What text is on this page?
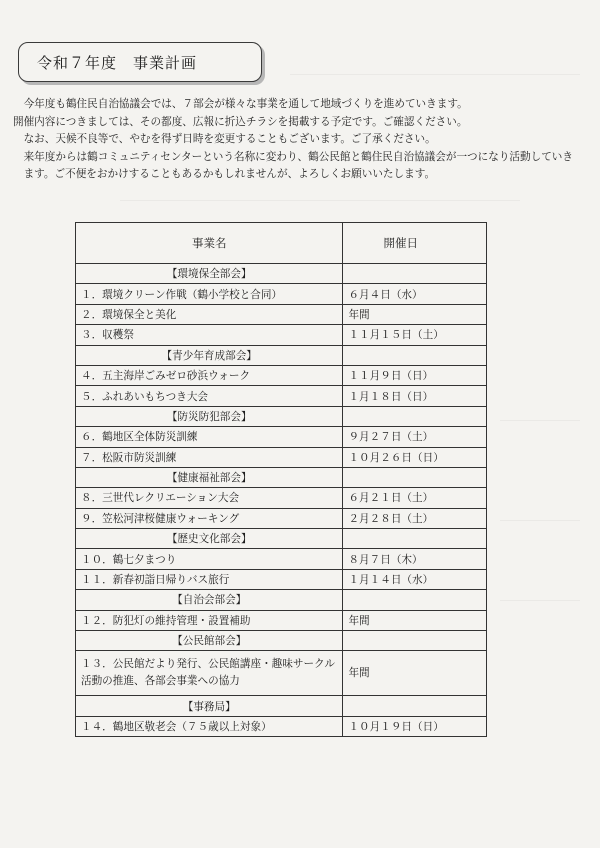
令和７年度　事業計画

今年度も鶴住民自治協議会では、７部会が様々な事業を通して地域づくりを進めていきます。

開催内容につきましては、その都度、広報に折込チラシを掲載する予定です。ご確認ください。

なお、天候不良等で、やむを得ず日時を変更することもございます。ご了承ください。

来年度からは鶴コミュニティセンターという名称に変わり、鶴公民館と鶴住民自治協議会が一つになり活動していきます。ご不便をおかけすることもあるかもしれませんが、よろしくお願いいたします。

事業名	開催日
【環境保全部会】	
１．環境クリーン作戦（鶴小学校と合同）	６月４日（水）
２．環境保全と美化	年間
３．収穫祭	１１月１５日（土）
【青少年育成部会】	
４．五主海岸ごみゼロ砂浜ウォーク	１１月９日（日）
５．ふれあいもちつき大会	１月１８日（日）
【防災防犯部会】	
６．鶴地区全体防災訓練	９月２７日（土）
７．松阪市防災訓練	１０月２６日（日）
【健康福祉部会】	
８．三世代レクリエーション大会	６月２１日（土）
９．笠松河津桜健康ウォーキング	２月２８日（土）
【歴史文化部会】	
１０．鶴七夕まつり	８月７日（木）
１１．新春初詣日帰りバス旅行	１月１４日（水）
【自治会部会】	
１２．防犯灯の維持管理・設置補助	年間
【公民館部会】	
１３．公民館だより発行、公民館講座・趣味サークル活動の推進、各部会事業への協力	年間
【事務局】	
１４．鶴地区敬老会（７５歳以上対象）	１０月１９日（日）
